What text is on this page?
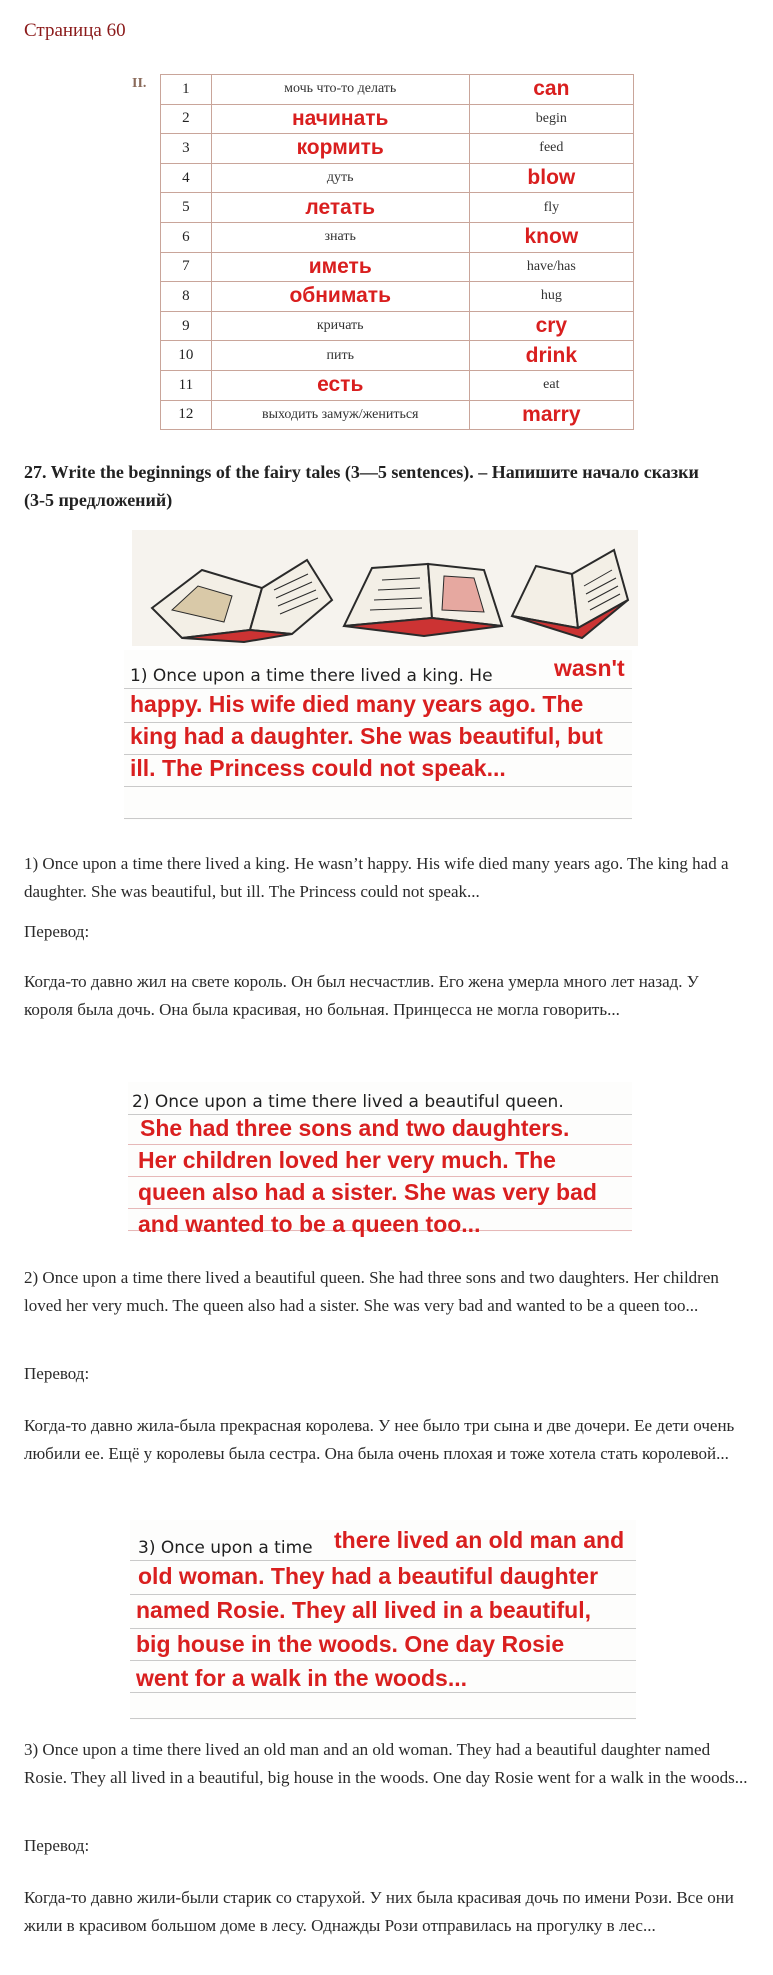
Страница 60
II. 1	мочь что-то делать	can
2	начинать	begin
3	кормить	feed
4	дуть	blow
5	летать	fly
6	знать	know
7	иметь	have/has
8	обнимать	hug
9	кричать	cry
10	пить	drink
11	есть	eat
12	выходить замуж/жениться	marry
27. Write the beginnings of the fairy tales (3—5 sentences). – Напишите начало сказки (3-5 предложений)
1) Once upon a time there lived a king. He	wasn't
happy. His wife died many years ago. The
king had a daughter. She was beautiful, but
ill. The Princess could not speak...
1) Once upon a time there lived a king. He wasn’t happy. His wife died many years ago. The king had a daughter. She was beautiful, but ill. The Princess could not speak...
Перевод:
Когда-то давно жил на свете король. Он был несчастлив. Его жена умерла много лет назад. У короля была дочь. Она была красивая, но больная. Принцесса не могла говорить...
2) Once upon a time there lived a beautiful queen.
She had three sons and two daughters.
Her children loved her very much. The
queen also had a sister. She was very bad
and wanted to be a queen too...
2) Once upon a time there lived a beautiful queen. She had three sons and two daughters. Her children loved her very much. The queen also had a sister. She was very bad and wanted to be a queen too...
Перевод:
Когда-то давно жила-была прекрасная королева. У нее было три сына и две дочери. Ее дети очень любили ее. Ещё у королевы была сестра. Она была очень плохая и тоже хотела стать королевой...
3) Once upon a time there lived an old man and
old woman. They had a beautiful daughter
named Rosie. They all lived in a beautiful,
big house in the woods. One day Rosie
went for a walk in the woods...
3) Once upon a time there lived an old man and an old woman. They had a beautiful daughter named Rosie. They all lived in a beautiful, big house in the woods. One day Rosie went for a walk in the woods...
Перевод:
Когда-то давно жили-были старик со старухой. У них была красивая дочь по имени Рози. Все они жили в красивом большом доме в лесу. Однажды Рози отправилась на прогулку в лес...
